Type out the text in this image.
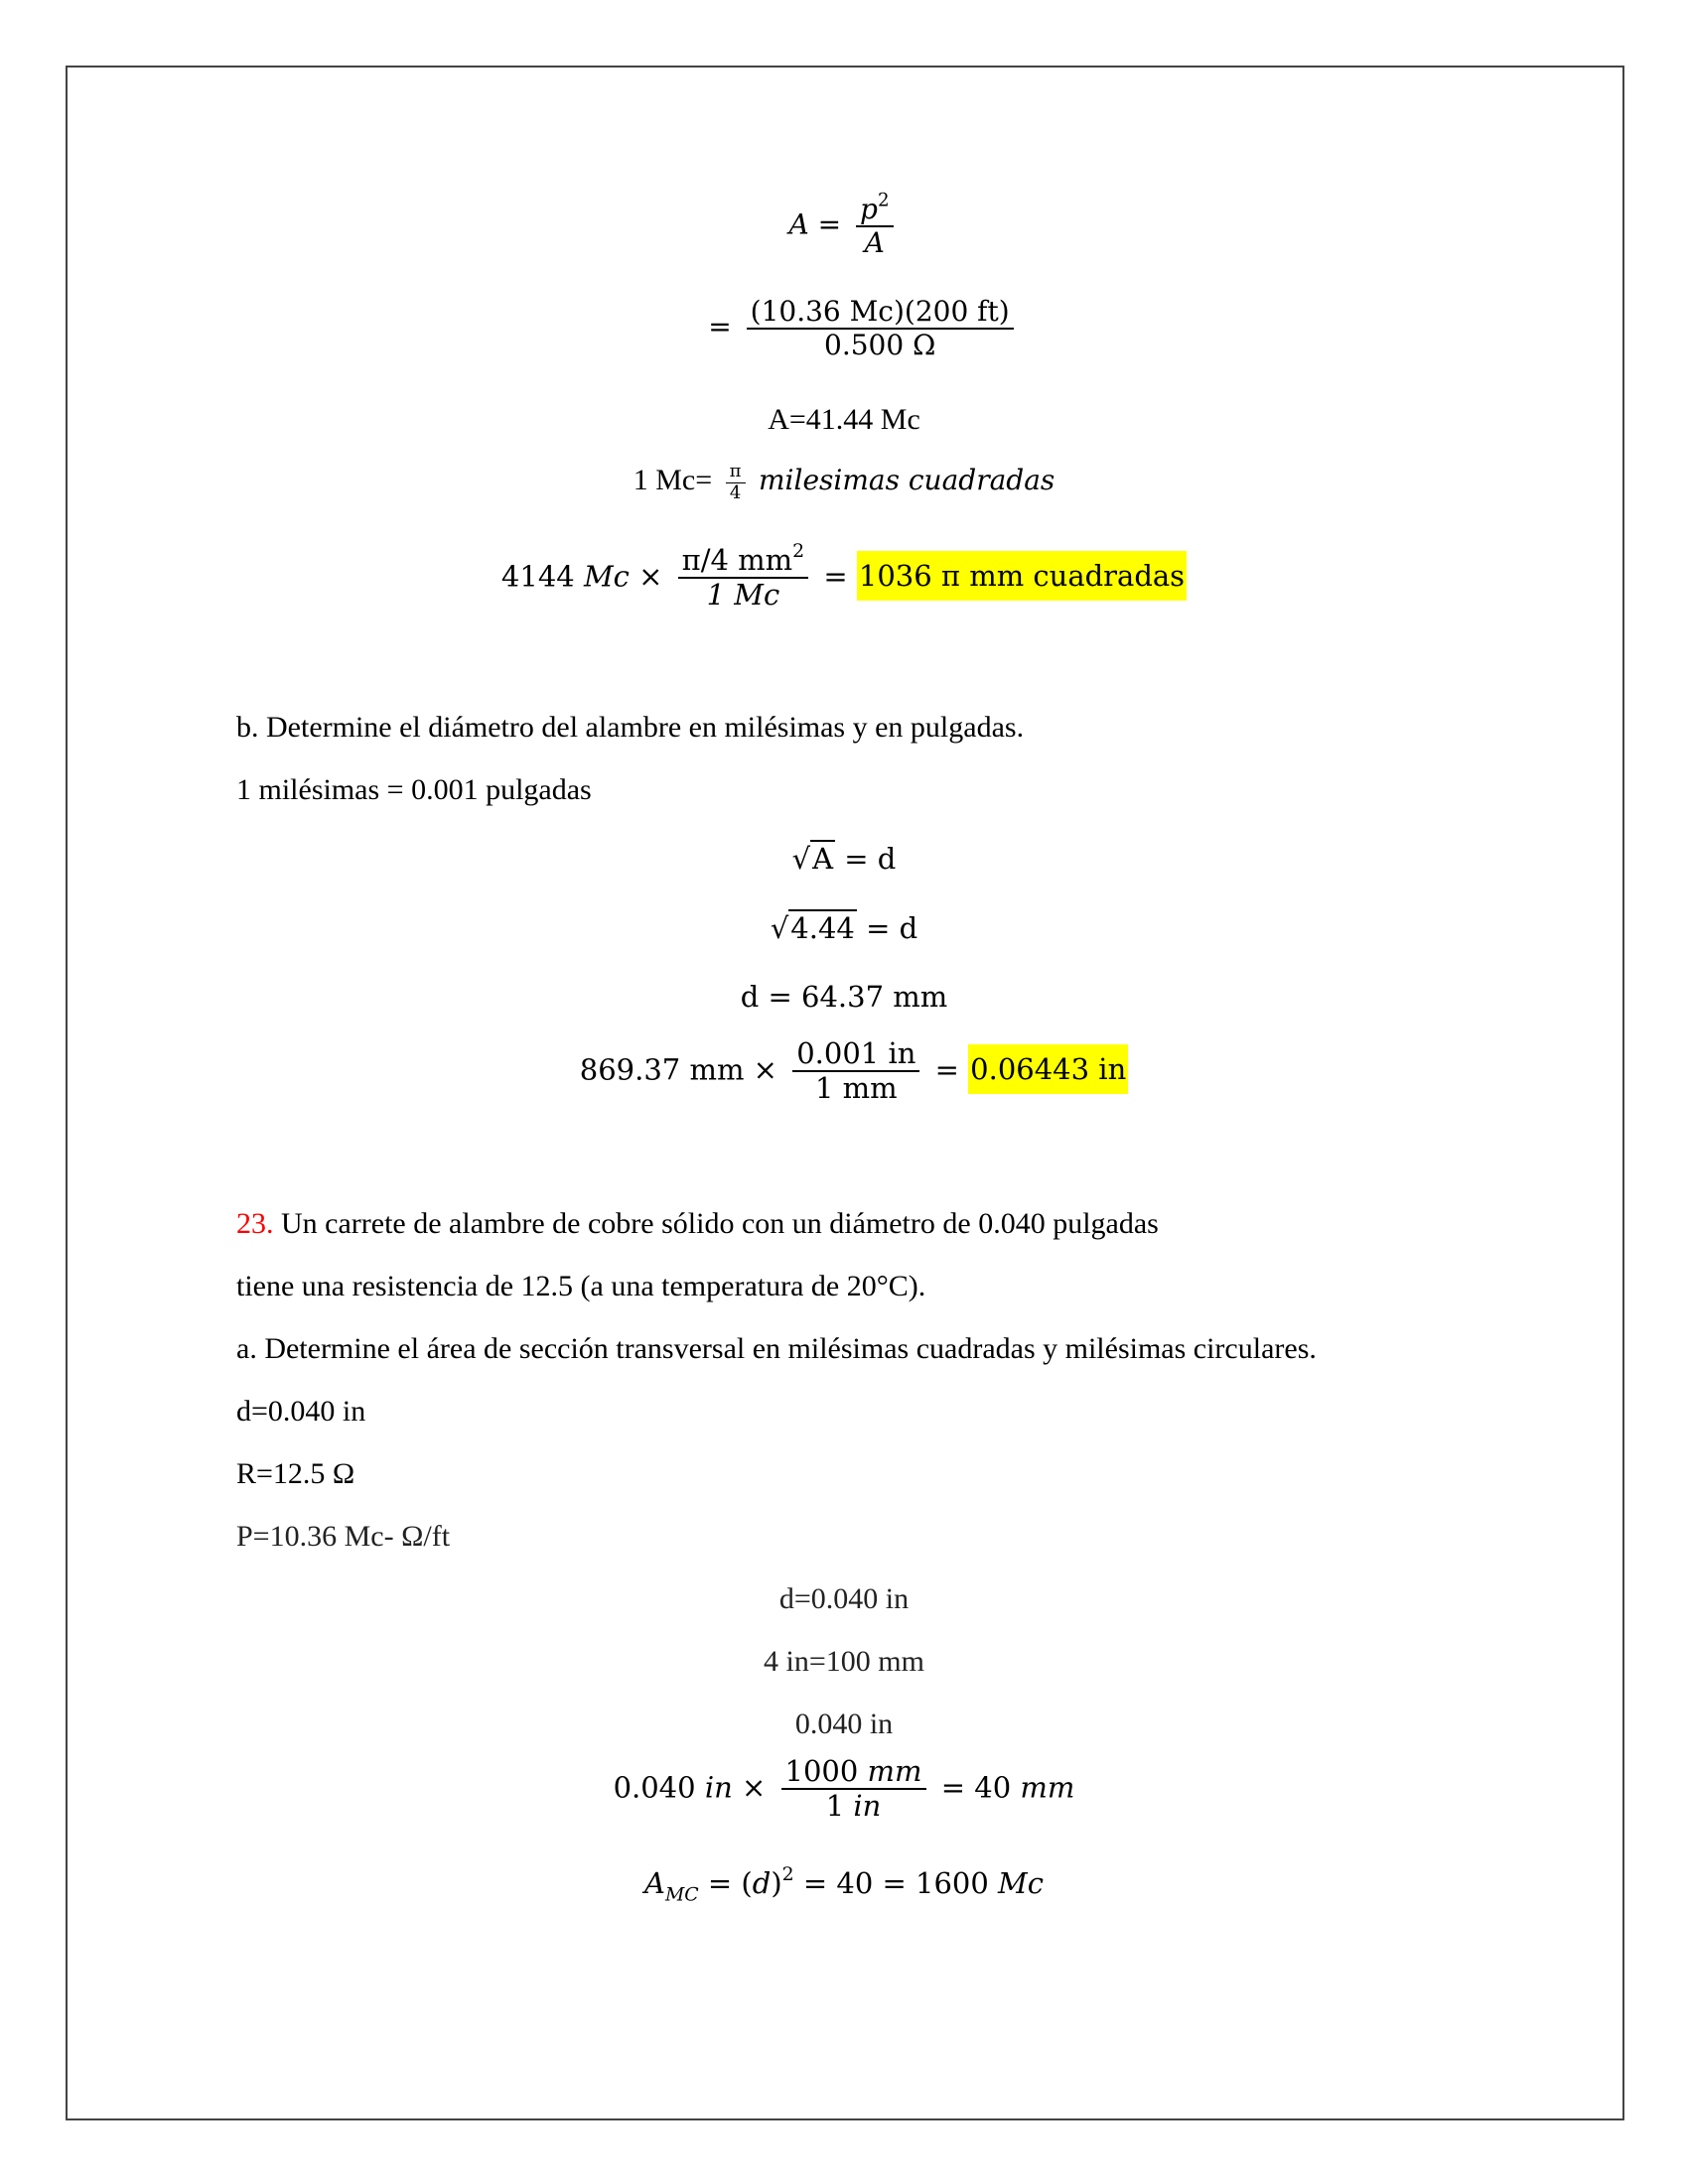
$A = \frac{p^2}{A}$
= $\frac{(10.36 Mc)(200 ft)}{0.500 \Omega}$
A=41.44 Mc
1 $Mc= \frac{\pi}{4}$ milesimas cuadradas
4144 $Mc \times \frac{\pi/4 mm^2}{1 Mc} = 1036$ π mm cuadradas
b. Determine el diámetro del alambre en milésimas y en pulgadas.
1 milésimas = 0.001 pulgadas
√A = d
√4.44 = d
d = 64.37 mm
869.37 mm × $\frac{0.001 in}{1 mm} = 0.06443$ in
23. Un carrete de alambre de cobre sólido con un diámetro de 0.040 pulgadas
tiene una resistencia de 12.5 (a una temperatura de 20°C).
a. Determine el área de sección transversal en milésimas cuadradas y milésimas circulares.
d=0.040 in
R=12.5 Ω
P=10.36 Mc- Ω/ft
d=0.040 in
4 in=100 mm
0.040 in
0.040 in × $\frac{1000 mm}{1 in} = 40$ mm
$A_{MC} = (d)^2 = 40 = 1600$ Mc
